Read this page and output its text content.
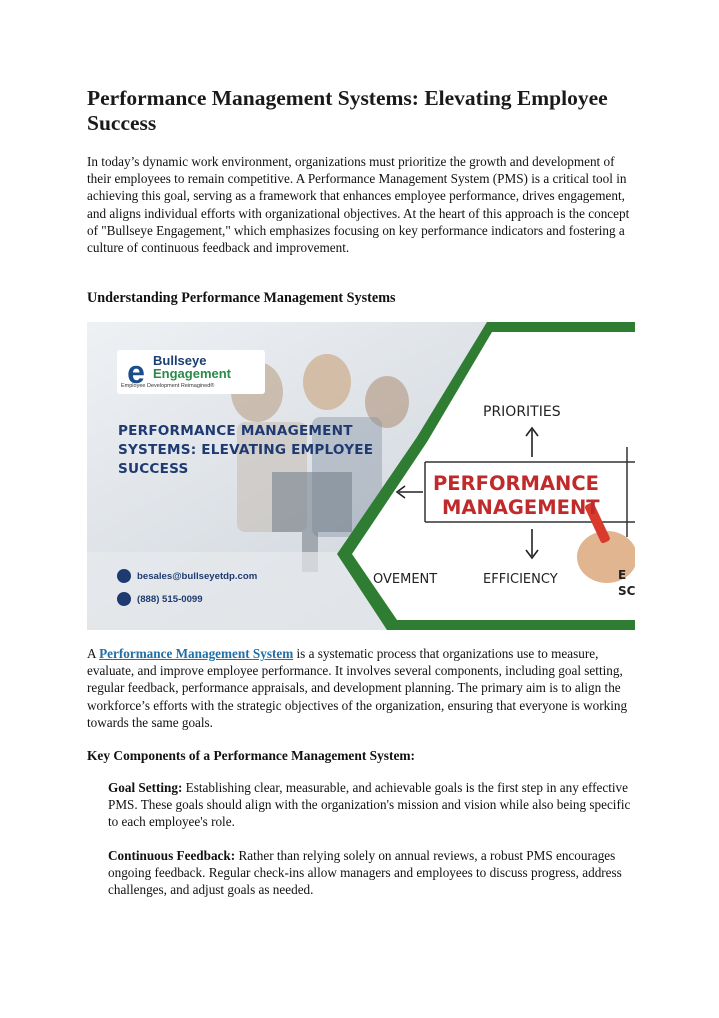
Performance Management Systems: Elevating Employee Success

In today’s dynamic work environment, organizations must prioritize the growth and development of their employees to remain competitive. A Performance Management System (PMS) is a critical tool in achieving this goal, serving as a framework that enhances employee performance, drives engagement, and aligns individual efforts with organizational objectives. At the heart of this approach is the concept of "Bullseye Engagement," which emphasizes focusing on key performance indicators and fostering a culture of continuous feedback and improvement.

Understanding Performance Management Systems
e Bullseye
Engagement
Employee Development Reimagined®
PERFORMANCE MANAGEMENT SYSTEMS: ELEVATING EMPLOYEE SUCCESS
besales@bullseyetdp.com
(888) 515-0099
PRIORITIES
PERFORMANCE
MANAGEMENT
OVEMENT	EFFICIENCY	E
SC

A Performance Management System is a systematic process that organizations use to measure, evaluate, and improve employee performance. It involves several components, including goal setting, regular feedback, performance appraisals, and development planning. The primary aim is to align the workforce’s efforts with the strategic objectives of the organization, ensuring that everyone is working towards the same goals.

Key Components of a Performance Management System:

Goal Setting: Establishing clear, measurable, and achievable goals is the first step in any effective PMS. These goals should align with the organization's mission and vision while also being specific to each employee's role.

Continuous Feedback: Rather than relying solely on annual reviews, a robust PMS encourages ongoing feedback. Regular check-ins allow managers and employees to discuss progress, address challenges, and adjust goals as needed.
